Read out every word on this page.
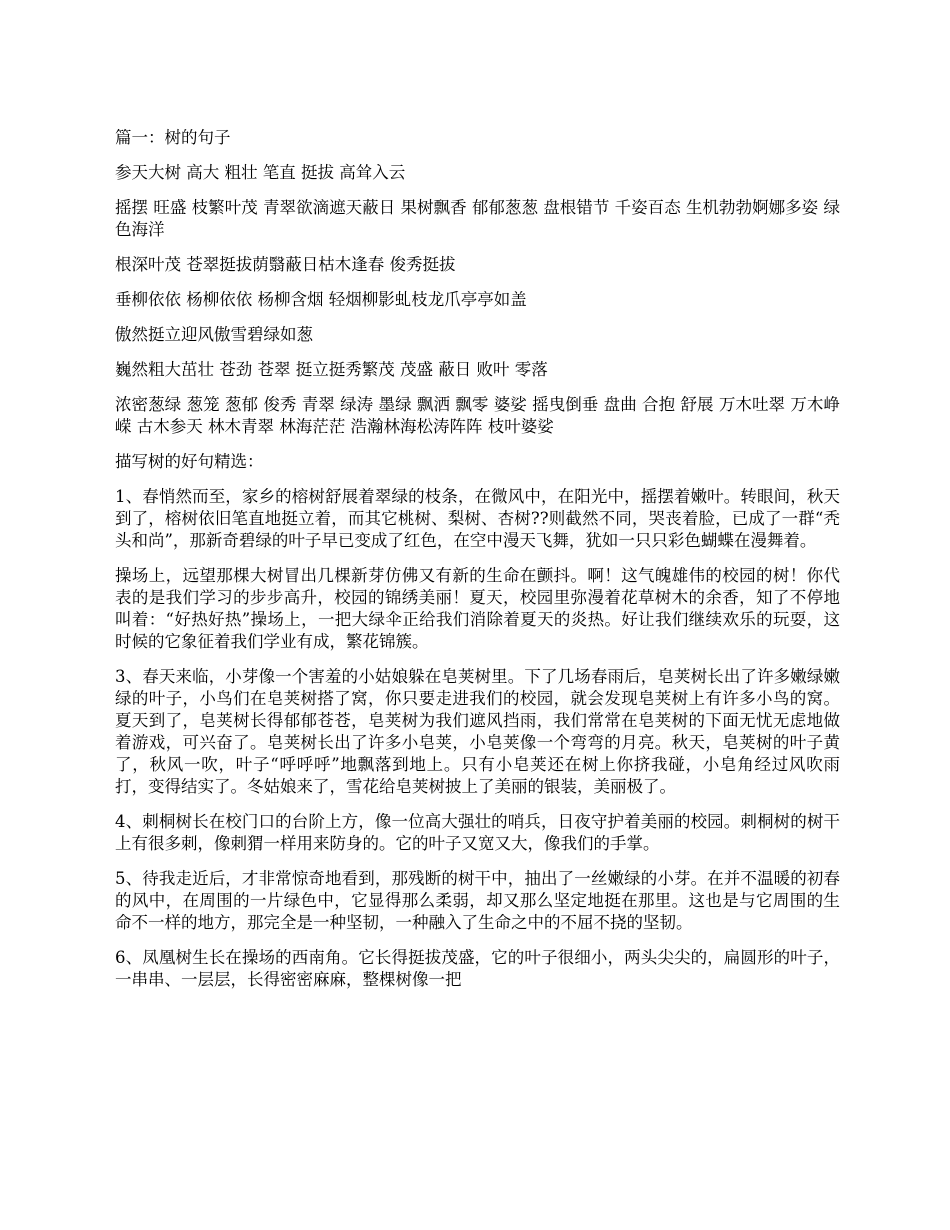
篇一：树的句子

参天大树 高大 粗壮 笔直 挺拔 高耸入云

摇摆 旺盛 枝繁叶茂 青翠欲滴遮天蔽日 果树飘香 郁郁葱葱 盘根错节 千姿百态 生机勃勃婀娜多姿 绿色海洋

根深叶茂 苍翠挺拔荫翳蔽日枯木逢春 俊秀挺拔

垂柳依依 杨柳依依 杨柳含烟 轻烟柳影虬枝龙爪亭亭如盖

傲然挺立迎风傲雪碧绿如葱

巍然粗大茁壮 苍劲 苍翠 挺立挺秀繁茂 茂盛 蔽日 败叶 零落

浓密葱绿 葱笼 葱郁 俊秀 青翠 绿涛 墨绿 飘洒 飘零 婆娑 摇曳倒垂 盘曲 合抱 舒展 万木吐翠 万木峥嵘 古木参天 林木青翠 林海茫茫 浩瀚林海松涛阵阵 枝叶婆娑

描写树的好句精选：

1、春悄然而至，家乡的榕树舒展着翠绿的枝条，在微风中，在阳光中，摇摆着嫩叶。转眼间，秋天到了，榕树依旧笔直地挺立着，而其它桃树、梨树、杏树??则截然不同，哭丧着脸，已成了一群“秃头和尚”，那新奇碧绿的叶子早已变成了红色，在空中漫天飞舞，犹如一只只彩色蝴蝶在漫舞着。

操场上，远望那棵大树冒出几棵新芽仿佛又有新的生命在颤抖。啊！这气魄雄伟的校园的树！你代表的是我们学习的步步高升，校园的锦绣美丽！夏天，校园里弥漫着花草树木的余香，知了不停地叫着：“好热好热”操场上，一把大绿伞正给我们消除着夏天的炎热。好让我们继续欢乐的玩耍，这时候的它象征着我们学业有成，繁花锦簇。

3、春天来临，小芽像一个害羞的小姑娘躲在皂荚树里。下了几场春雨后，皂荚树长出了许多嫩绿嫩绿的叶子，小鸟们在皂荚树搭了窝，你只要走进我们的校园，就会发现皂荚树上有许多小鸟的窝。夏天到了，皂荚树长得郁郁苍苍，皂荚树为我们遮风挡雨，我们常常在皂荚树的下面无忧无虑地做着游戏，可兴奋了。皂荚树长出了许多小皂荚，小皂荚像一个弯弯的月亮。秋天，皂荚树的叶子黄了，秋风一吹，叶子“呼呼呼”地飘落到地上。只有小皂荚还在树上你挤我碰，小皂角经过风吹雨打，变得结实了。冬姑娘来了，雪花给皂荚树披上了美丽的银装，美丽极了。

4、刺桐树长在校门口的台阶上方，像一位高大强壮的哨兵，日夜守护着美丽的校园。刺桐树的树干上有很多刺，像刺猬一样用来防身的。它的叶子又宽又大，像我们的手掌。

5、待我走近后，才非常惊奇地看到，那残断的树干中，抽出了一丝嫩绿的小芽。在并不温暖的初春的风中，在周围的一片绿色中，它显得那么柔弱，却又那么坚定地挺在那里。这也是与它周围的生命不一样的地方，那完全是一种坚韧，一种融入了生命之中的不屈不挠的坚韧。

6、凤凰树生长在操场的西南角。它长得挺拔茂盛，它的叶子很细小，两头尖尖的，扁圆形的叶子，一串串、一层层，长得密密麻麻，整棵树像一把
